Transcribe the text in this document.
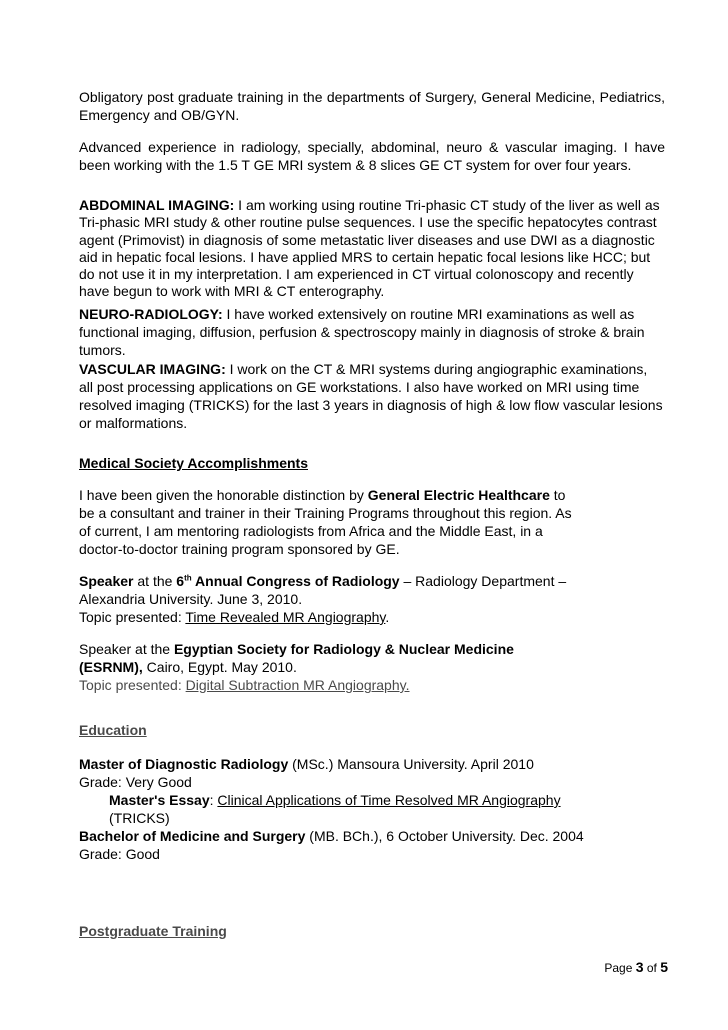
Obligatory post graduate training in the departments of Surgery, General Medicine, Pediatrics, Emergency and OB/GYN.

Advanced experience in radiology, specially, abdominal, neuro & vascular imaging. I have been working with the 1.5 T GE MRI system & 8 slices GE CT system for over four years.

ABDOMINAL IMAGING: I am working using routine Tri-phasic CT study of the liver as well as Tri-phasic MRI study & other routine pulse sequences. I use the specific hepatocytes contrast agent (Primovist) in diagnosis of some metastatic liver diseases and use DWI as a diagnostic aid in hepatic focal lesions. I have applied MRS to certain hepatic focal lesions like HCC; but do not use it in my interpretation. I am experienced in CT virtual colonoscopy and recently have begun to work with MRI & CT enterography.

NEURO-RADIOLOGY: I have worked extensively on routine MRI examinations as well as functional imaging, diffusion, perfusion & spectroscopy mainly in diagnosis of stroke & brain tumors.

VASCULAR IMAGING: I work on the CT & MRI systems during angiographic examinations, all post processing applications on GE workstations. I also have worked on MRI using time resolved imaging (TRICKS) for the last 3 years in diagnosis of high & low flow vascular lesions or malformations.

Medical Society Accomplishments

I have been given the honorable distinction by General Electric Healthcare to

be a consultant and trainer in their Training Programs throughout this region. As

of current, I am mentoring radiologists from Africa and the Middle East, in a

doctor-to-doctor training program sponsored by GE.

Speaker at the 6th Annual Congress of Radiology – Radiology Department –

Alexandria University. June 3, 2010.

Topic presented: Time Revealed MR Angiography.

Speaker at the Egyptian Society for Radiology & Nuclear Medicine

(ESRNM), Cairo, Egypt. May 2010.

Topic presented: Digital Subtraction MR Angiography.

Education

Master of Diagnostic Radiology (MSc.) Mansoura University. April 2010

Grade: Very Good

Master's Essay: Clinical Applications of Time Resolved MR Angiography

(TRICKS)

Bachelor of Medicine and Surgery (MB. BCh.), 6 October University. Dec. 2004

Grade: Good

Postgraduate Training

Page 3 of 5
